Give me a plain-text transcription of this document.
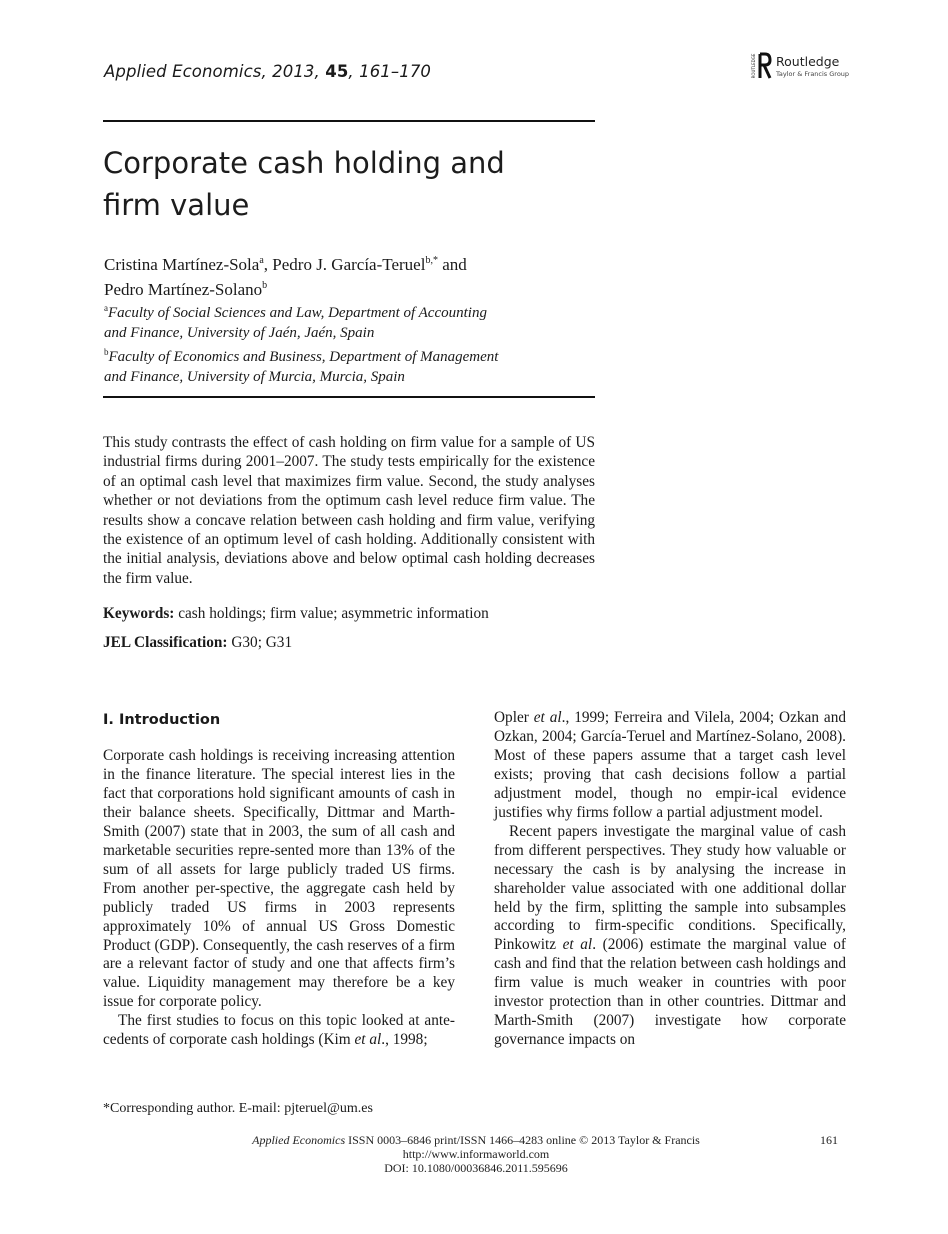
Applied Economics, 2013, 45, 161–170	ROUTLEDGE Routledge
Taylor & Francis Group
Corporate cash holding and
firm value
Cristina Martínez-Sola$^a$, Pedro J. García-Teruel$^{b,*}$ and
Pedro Martínez-Solano$^b$
$^a$Faculty of Social Sciences and Law, Department of Accounting
and Finance, University of Jaén, Jaén, Spain
$^b$Faculty of Economics and Business, Department of Management
and Finance, University of Murcia, Murcia, Spain
This study contrasts the effect of cash holding on firm value for a sample of US industrial firms during 2001–2007. The study tests empirically for the existence of an optimal cash level that maximizes firm value. Second, the study analyses whether or not deviations from the optimum cash level reduce firm value. The results show a concave relation between cash holding and firm value, verifying the existence of an optimum level of cash holding. Additionally consistent with the initial analysis, deviations above and below optimal cash holding decreases the firm value.
Keywords: cash holdings; firm value; asymmetric information
JEL Classification: G30; G31
I. Introduction

Corporate cash holdings is receiving increasing attention in the finance literature. The special interest lies in the fact that corporations hold significant amounts of cash in their balance sheets. Specifically, Dittmar and Marth-Smith (2007) state that in 2003, the sum of all cash and marketable securities repre-sented more than 13% of the sum of all assets for large publicly traded US firms. From another per-spective, the aggregate cash held by publicly traded US firms in 2003 represents approximately 10% of annual US Gross Domestic Product (GDP). Consequently, the cash reserves of a firm are a relevant factor of study and one that affects firm’s value. Liquidity management may therefore be a key issue for corporate policy.

The first studies to focus on this topic looked at ante-cedents of corporate cash holdings (Kim et al., 1998;

Opler et al., 1999; Ferreira and Vilela, 2004; Ozkan and Ozkan, 2004; García-Teruel and Martínez-Solano, 2008). Most of these papers assume that a target cash level exists; proving that cash decisions follow a partial adjustment model, though no empir-ical evidence justifies why firms follow a partial adjustment model.

Recent papers investigate the marginal value of cash from different perspectives. They study how valuable or necessary the cash is by analysing the increase in shareholder value associated with one additional dollar held by the firm, splitting the sample into subsamples according to firm-specific conditions. Specifically, Pinkowitz et al. (2006) estimate the marginal value of cash and find that the relation between cash holdings and firm value is much weaker in countries with poor investor protection than in other countries. Dittmar and Marth-Smith (2007) investigate how corporate governance impacts on

*Corresponding author. E-mail: pjteruel@um.es
Applied Economics ISSN 0003–6846 print/ISSN 1466–4283 online © 2013 Taylor & Francis
http://www.informaworld.com
DOI: 10.1080/00036846.2011.595696
161
